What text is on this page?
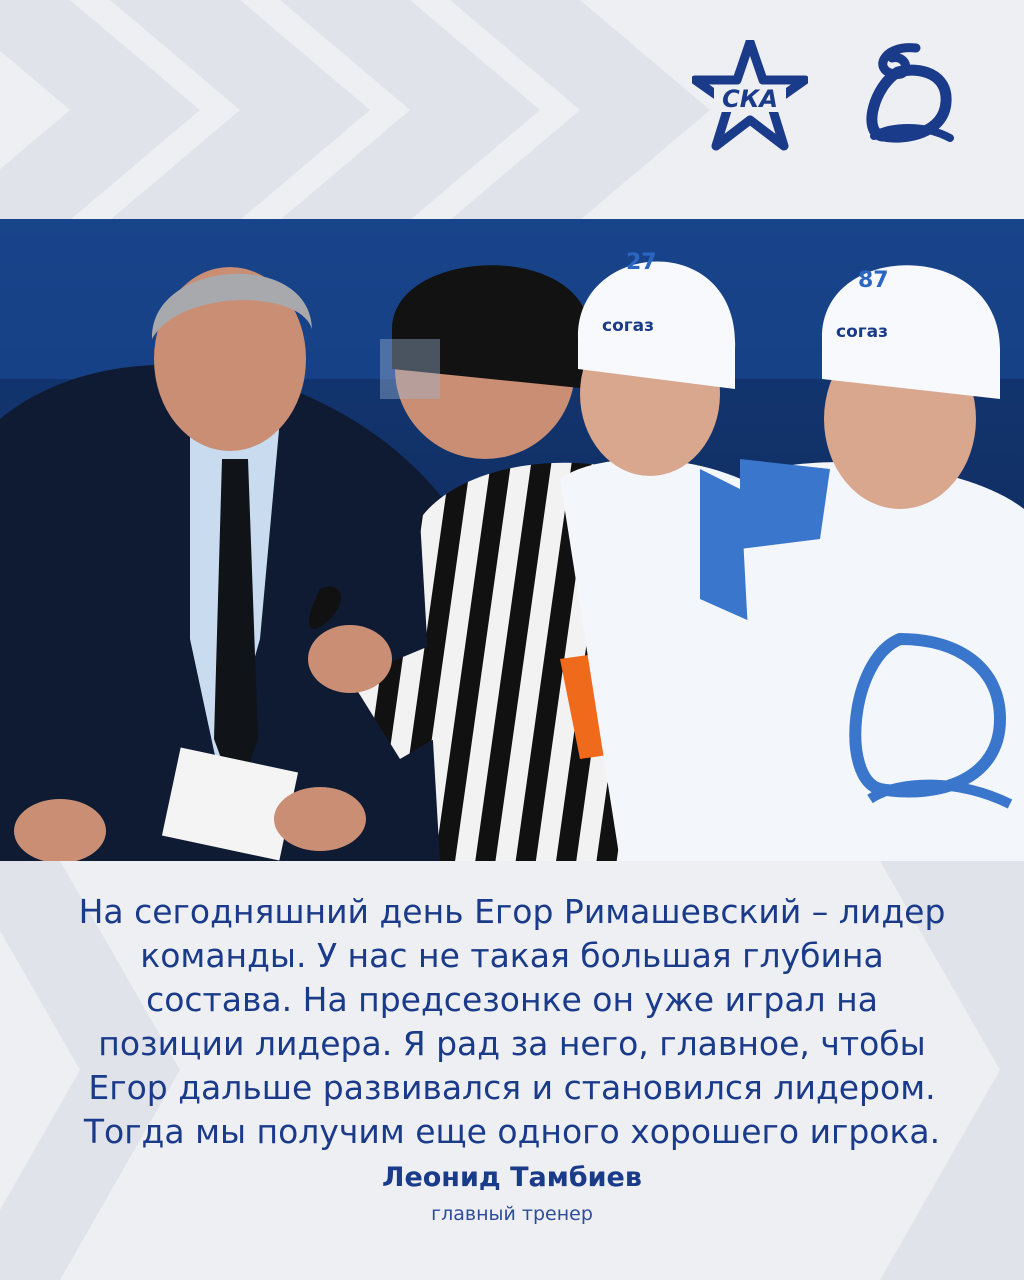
СКА
27
согаз
87
согаз
На сегодняшний день Егор Римашевский – лидер
команды. У нас не такая большая глубина
состава. На предсезонке он уже играл на
позиции лидера. Я рад за него, главное, чтобы
Егор дальше развивался и становился лидером.
Тогда мы получим еще одного хорошего игрока.
Леонид Тамбиев
главный тренер
